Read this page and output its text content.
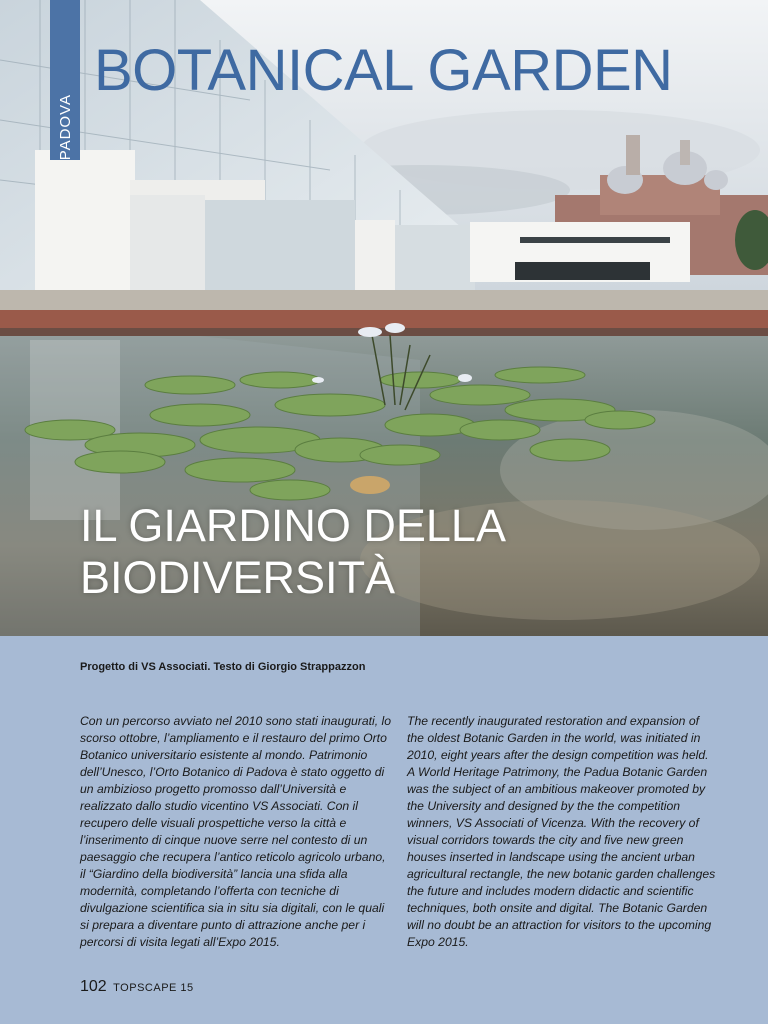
PADOVA
BOTANICAL GARDEN
IL GIARDINO DELLA
BIODIVERSITÀ

Progetto di VS Associati. Testo di Giorgio Strappazzon

Con un percorso avviato nel 2010 sono stati inaugurati, lo scorso ottobre, l’ampliamento e il restauro del primo Orto Botanico universitario esistente al mondo. Patrimonio dell’Unesco, l’Orto Botanico di Padova è stato oggetto di un ambizioso progetto promosso dall’Università e realizzato dallo studio vicentino VS Associati. Con il recupero delle visuali prospettiche verso la città e l’inserimento di cinque nuove serre nel contesto di un paesaggio che recupera l’antico reticolo agricolo urbano, il “Giardino della biodiversità” lancia una sfida alla modernità, completando l’offerta con tecniche di divulgazione scientifica sia in situ sia digitali, con le quali si prepara a diventare punto di attrazione anche per i percorsi di visita legati all’Expo 2015.

The recently inaugurated restoration and expansion of the oldest Botanic Garden in the world, was initiated in 2010, eight years after the design competition was held. A World Heritage Patrimony, the Padua Botanic Garden was the subject of an ambitious makeover promoted by the University and designed by the the competition winners, VS Associati of Vicenza. With the recovery of visual corridors towards the city and five new green houses inserted in landscape using the ancient urban agricultural rectangle, the new botanic garden challenges the future and includes modern didactic and scientific techniques, both onsite and digital. The Botanic Garden will no doubt be an attraction for visitors to the upcoming Expo 2015.

102 TOPSCAPE 15
